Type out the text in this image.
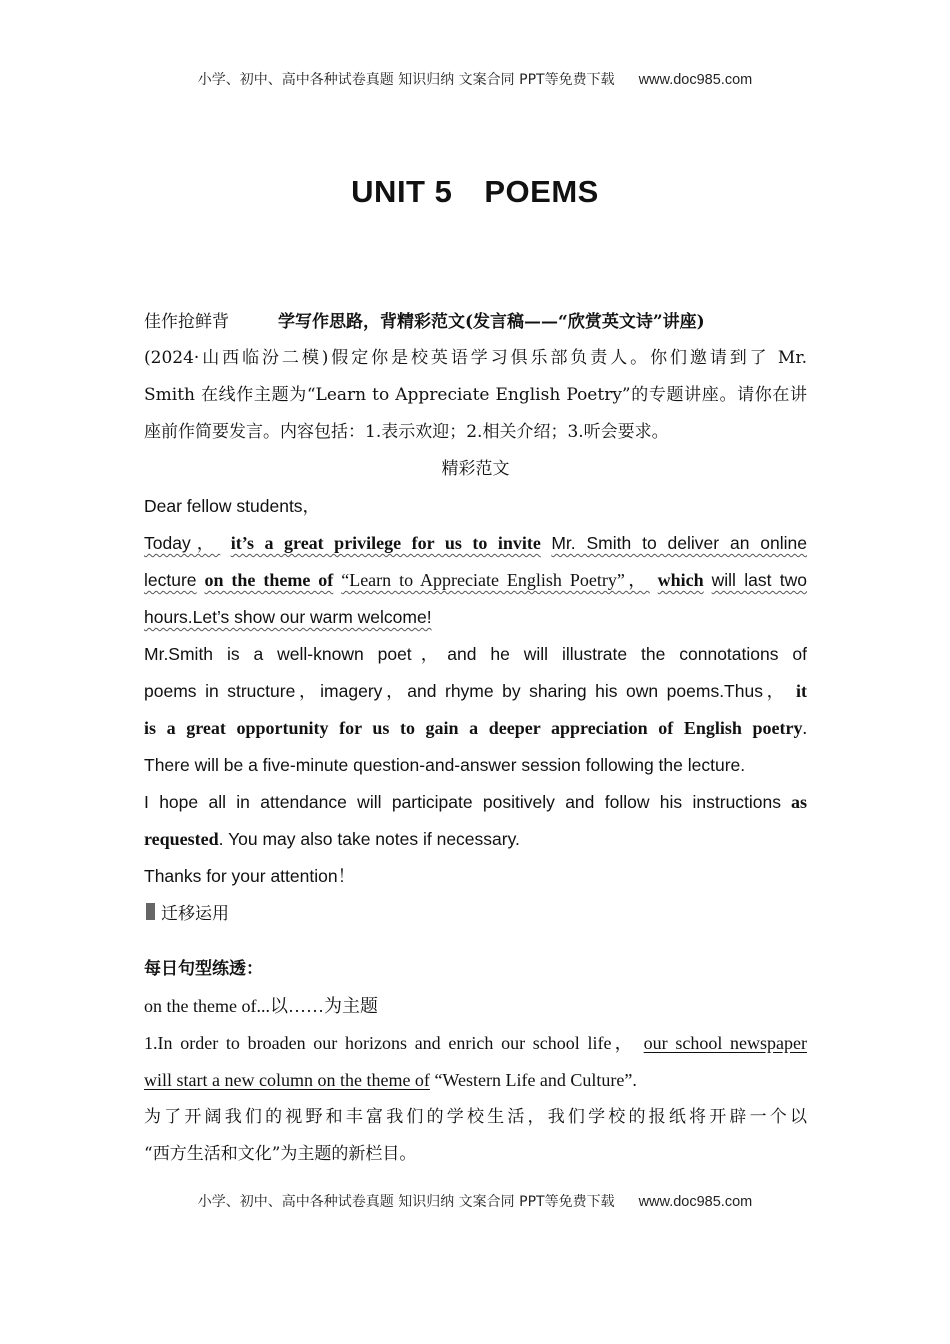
小学、初中、高中各种试卷真题 知识归纳 文案合同 PPT等免费下载 www.doc985.com
UNIT 5 POEMS
佳作抢鲜背	学写作思路，背精彩范文(发言稿——“欣赏英文诗”讲座)
(2024·山西临汾二模)假定你是校英语学习俱乐部负责人。你们邀请到了 Mr.
Smith 在线作主题为“Learn to Appreciate English Poetry”的专题讲座。请你在讲
座前作简要发言。内容包括：1.表示欢迎；2.相关介绍；3.听会要求。
精彩范文
Dear fellow students，
Today， it’s a great privilege for us to invite Mr. Smith to deliver an online
lecture on the theme of “Learn to Appreciate English Poetry”， which will last two
hours.Let’s show our warm welcome!
Mr.Smith is a well-known poet，and he will illustrate the connotations of
poems in structure，imagery，and rhyme by sharing his own poems.Thus， it
is a great opportunity for us to gain a deeper appreciation of English poetry.
There will be a five-minute question-and-answer session following the lecture.
I hope all in attendance will participate positively and follow his instructions as
requested. You may also take notes if necessary.
Thanks for your attention！
迁移运用
每日句型练透：
on the theme of...以……为主题
1.In order to broaden our horizons and enrich our school life， our school newspaper
will start a new column on the theme of “Western Life and Culture”.
为了开阔我们的视野和丰富我们的学校生活，我们学校的报纸将开辟一个以
“西方生活和文化”为主题的新栏目。
小学、初中、高中各种试卷真题 知识归纳 文案合同 PPT等免费下载 www.doc985.com
